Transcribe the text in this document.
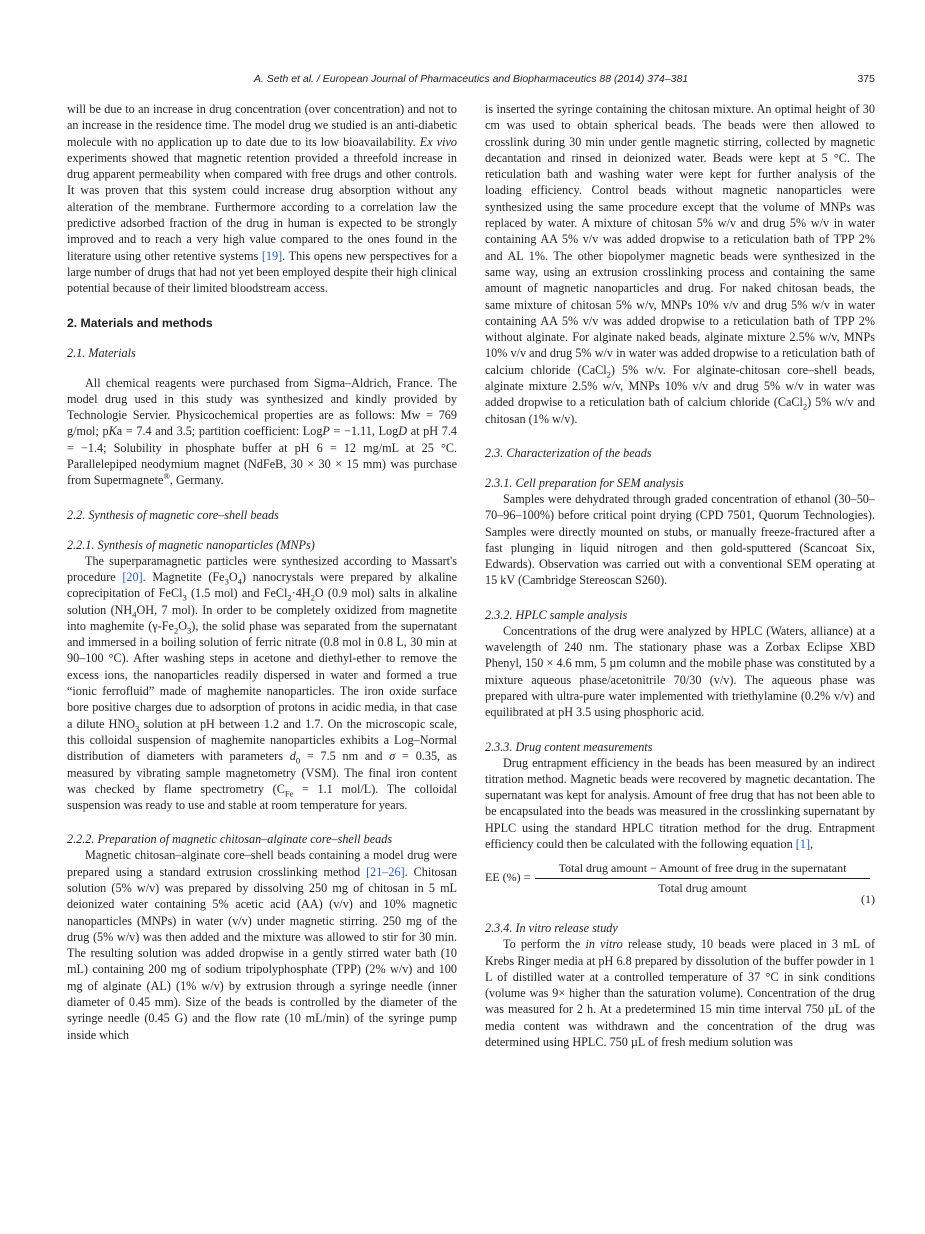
A. Seth et al. / European Journal of Pharmaceutics and Biopharmaceutics 88 (2014) 374–381	375

will be due to an increase in drug concentration (over concentration) and not to an increase in the residence time. The model drug we studied is an anti-diabetic molecule with no application up to date due to its low bioavailability. Ex vivo experiments showed that magnetic retention provided a threefold increase in drug apparent permeability when compared with free drugs and other controls. It was proven that this system could increase drug absorption without any alteration of the membrane. Furthermore according to a correlation law the predictive adsorbed fraction of the drug in human is expected to be strongly improved and to reach a very high value compared to the ones found in the literature using other retentive systems [19]. This opens new perspectives for a large number of drugs that had not yet been employed despite their high clinical potential because of their limited bloodstream access.

2. Materials and methods
2.1. Materials

All chemical reagents were purchased from Sigma–Aldrich, France. The model drug used in this study was synthesized and kindly provided by Technologie Servier. Physicochemical properties are as follows: Mw = 769 g/mol; pKa = 7.4 and 3.5; partition coefficient: LogP = −1.11, LogD at pH 7.4 = −1.4; Solubility in phosphate buffer at pH 6 = 12 mg/mL at 25 °C. Parallelepiped neodymium magnet (NdFeB, 30 × 30 × 15 mm) was purchase from Supermagnete®, Germany.

2.2. Synthesis of magnetic core–shell beads
2.2.1. Synthesis of magnetic nanoparticles (MNPs)

The superparamagnetic particles were synthesized according to Massart's procedure [20]. Magnetite $(Fe_3O_4)$ nanocrystals were prepared by alkaline coprecipitation of FeCl$_3$ (1.5 mol) and $FeCl_2\cdot 4H_2O$ (0.9 mol) salts in alkaline solution ($NH_4OH$, 7 mol). In order to be completely oxidized from magnetite into maghemite $(\gamma-Fe_2O_3)$, the solid phase was separated from the supernatant and immersed in a boiling solution of ferric nitrate (0.8 mol in 0.8 L, 30 min at 90–100 °C). After washing steps in acetone and diethyl-ether to remove the excess ions, the nanoparticles readily dispersed in water and formed a true “ionic ferrofluid” made of maghemite nanoparticles. The iron oxide surface bore positive charges due to adsorption of protons in acidic media, in that case a dilute $HNO_3$ solution at pH between 1.2 and 1.7. On the microscopic scale, this colloidal suspension of maghemite nanoparticles exhibits a Log–Normal distribution of diameters with parameters $d_0 = 7.5$ nm and σ = 0.35, as measured by vibrating sample magnetometry (VSM). The final iron content was checked by flame spectrometry ($C_{Fe} = 1.1$ mol/L). The colloidal suspension was ready to use and stable at room temperature for years.

2.2.2. Preparation of magnetic chitosan–alginate core–shell beads

Magnetic chitosan–alginate core–shell beads containing a model drug were prepared using a standard extrusion crosslinking method [21–26]. Chitosan solution (5% w/v) was prepared by dissolving 250 mg of chitosan in 5 mL deionized water containing 5% acetic acid (AA) (v/v) and 10% magnetic nanoparticles (MNPs) in water (v/v) under magnetic stirring. 250 mg of the drug (5% w/v) was then added and the mixture was allowed to stir for 30 min. The resulting solution was added dropwise in a gently stirred water bath (10 mL) containing 200 mg of sodium tripolyphosphate (TPP) (2% w/v) and 100 mg of alginate (AL) (1% w/v) by extrusion through a syringe needle (inner diameter of 0.45 mm). Size of the beads is controlled by the diameter of the syringe needle (0.45 G) and the flow rate (10 mL/min) of the syringe pump inside which

is inserted the syringe containing the chitosan mixture. An optimal height of 30 cm was used to obtain spherical beads. The beads were then allowed to crosslink during 30 min under gentle magnetic stirring, collected by magnetic decantation and rinsed in deionized water. Beads were kept at 5 °C. The reticulation bath and washing water were kept for further analysis of the loading efficiency. Control beads without magnetic nanoparticles were synthesized using the same procedure except that the volume of MNPs was replaced by water. A mixture of chitosan 5% w/v and drug 5% w/v in water containing AA 5% v/v was added dropwise to a reticulation bath of TPP 2% and AL 1%. The other biopolymer magnetic beads were synthesized in the same way, using an extrusion crosslinking process and containing the same amount of magnetic nanoparticles and drug. For naked chitosan beads, the same mixture of chitosan 5% w/v, MNPs 10% v/v and drug 5% w/v in water containing AA 5% v/v was added dropwise to a reticulation bath of TPP 2% without alginate. For alginate naked beads, alginate mixture 2.5% w/v, MNPs 10% v/v and drug 5% w/v in water was added dropwise to a reticulation bath of calcium chloride (CaCl$_2$) 5% w/v. For alginate-chitosan core–shell beads, alginate mixture 2.5% w/v, MNPs 10% v/v and drug 5% w/v in water was added dropwise to a reticulation bath of calcium chloride (CaCl$_2$) 5% w/v and chitosan (1% w/v).

2.3. Characterization of the beads
2.3.1. Cell preparation for SEM analysis

Samples were dehydrated through graded concentration of ethanol (30–50–70–96–100%) before critical point drying (CPD 7501, Quorum Technologies). Samples were directly mounted on stubs, or manually freeze-fractured after a fast plunging in liquid nitrogen and then gold-sputtered (Scancoat Six, Edwards). Observation was carried out with a conventional SEM operating at 15 kV (Cambridge Stereoscan S260).

2.3.2. HPLC sample analysis

Concentrations of the drug were analyzed by HPLC (Waters, alliance) at a wavelength of 240 nm. The stationary phase was a Zorbax Eclipse XBD Phenyl, 150 × 4.6 mm, 5 µm column and the mobile phase was constituted by a mixture aqueous phase/acetonitrile 70/30 (v/v). The aqueous phase was prepared with ultra-pure water implemented with triethylamine (0.2% v/v) and equilibrated at pH 3.5 using phosphoric acid.

2.3.3. Drug content measurements

Drug entrapment efficiency in the beads has been measured by an indirect titration method. Magnetic beads were recovered by magnetic decantation. The supernatant was kept for analysis. Amount of free drug that has not been able to be encapsulated into the beads was measured in the crosslinking supernatant by HPLC using the standard HPLC titration method for the drug. Entrapment efficiency could then be calculated with the following equation [1],

EE (%) =
Total drug amount − Amount of free drug in the supernatant
Total drug amount
(1)
2.3.4. In vitro release study

To perform the in vitro release study, 10 beads were placed in 3 mL of Krebs Ringer media at pH 6.8 prepared by dissolution of the buffer powder in 1 L of distilled water at a controlled temperature of 37 °C in sink conditions (volume was 9× higher than the saturation volume). Concentration of the drug was measured for 2 h. At a predetermined 15 min time interval 750 µL of the media content was withdrawn and the concentration of the drug was determined using HPLC. 750 µL of fresh medium solution was
